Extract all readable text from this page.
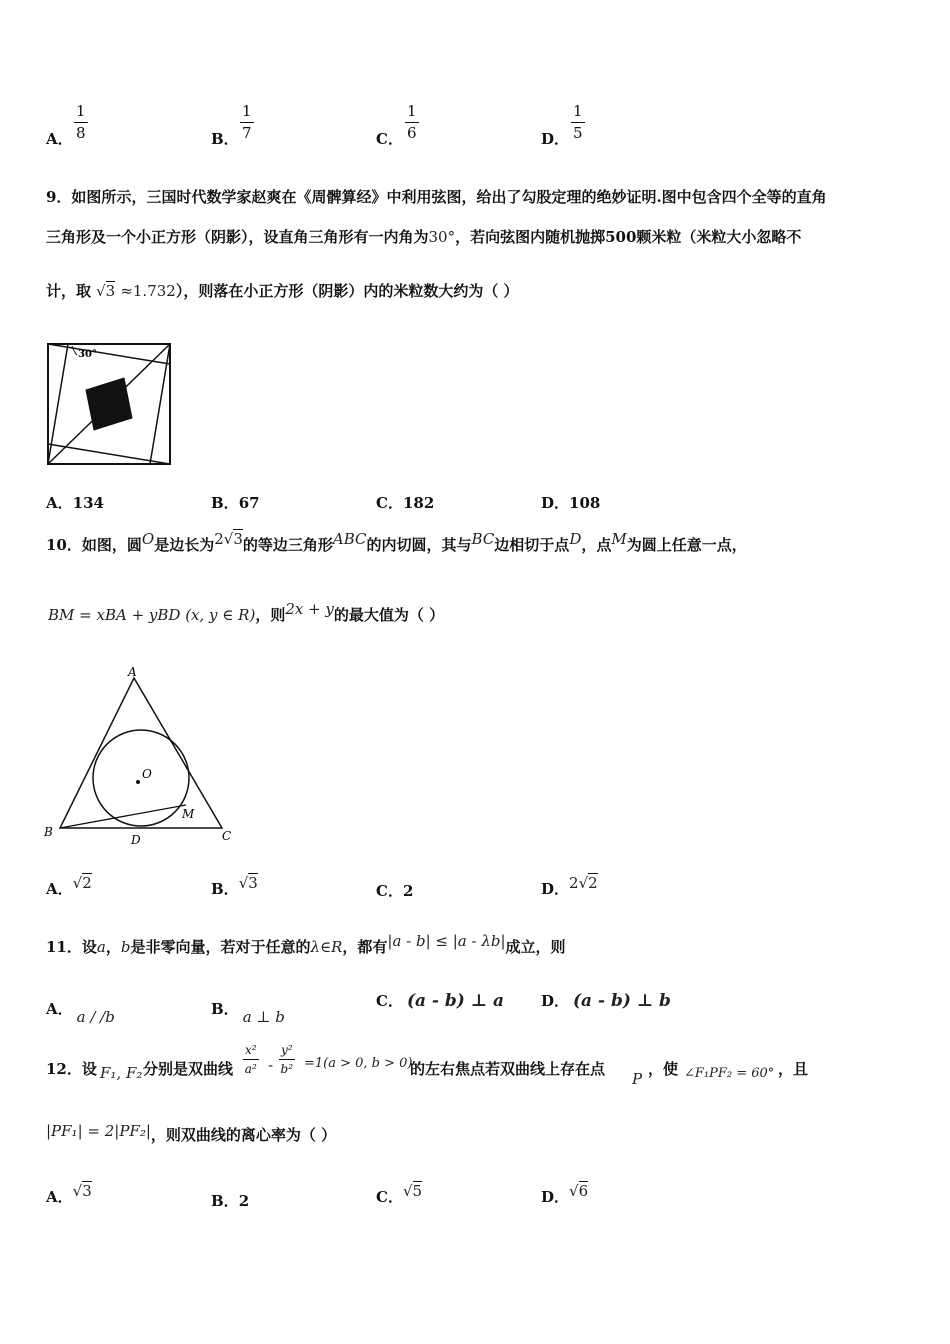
A． $\frac{1}{8}$	B． $\frac{1}{7}$	C． $\frac{1}{6}$	D． $\frac{1}{5}$
9．如图所示，三国时代数学家赵爽在《周髀算经》中利用弦图，给出了勾股定理的绝妙证明.图中包含四个全等的直角
三角形及一个小正方形（阴影），设直角三角形有一内角为30°，若向弦图内随机抛掷500颗米粒（米粒大小忽略不
计，取 √3 ≈1.732），则落在小正方形（阴影）内的米粒数大约为（ ）
30°
A．134	B．67	C．182	D．108
10．如图，圆O是边长为2√3的等边三角形ABC的内切圆，其与BC边相切于点D，点M为圆上任意一点，
BM = xBA + yBD (x, y ∈ R)，则2x + y的最大值为（ ）
A
B	C
D
O
M
A．√2	B．√3	C．2	D．2√2
11．设a，b是非零向量，若对于任意的λ∈R，都有|a - b| ≤ |a - λb|成立，则
A． a / /b	B． a ⊥ b
C． (a - b) ⊥ a D． (a - b) ⊥ b
12．设 F₁, F₂ 分别是双曲线 $\frac{\text{x²}}{\text{a²}} - \frac{\text{y²}}{\text{b²}} =1(a > 0$, b > 0)
的左右焦点若双曲线上存在点
P
，使 ∠F₁PF₂ = 60° ，且
|PF₁| = 2|PF₂|，则双曲线的离心率为（ ）
A．√3
B．2	C．√5	D．√6
